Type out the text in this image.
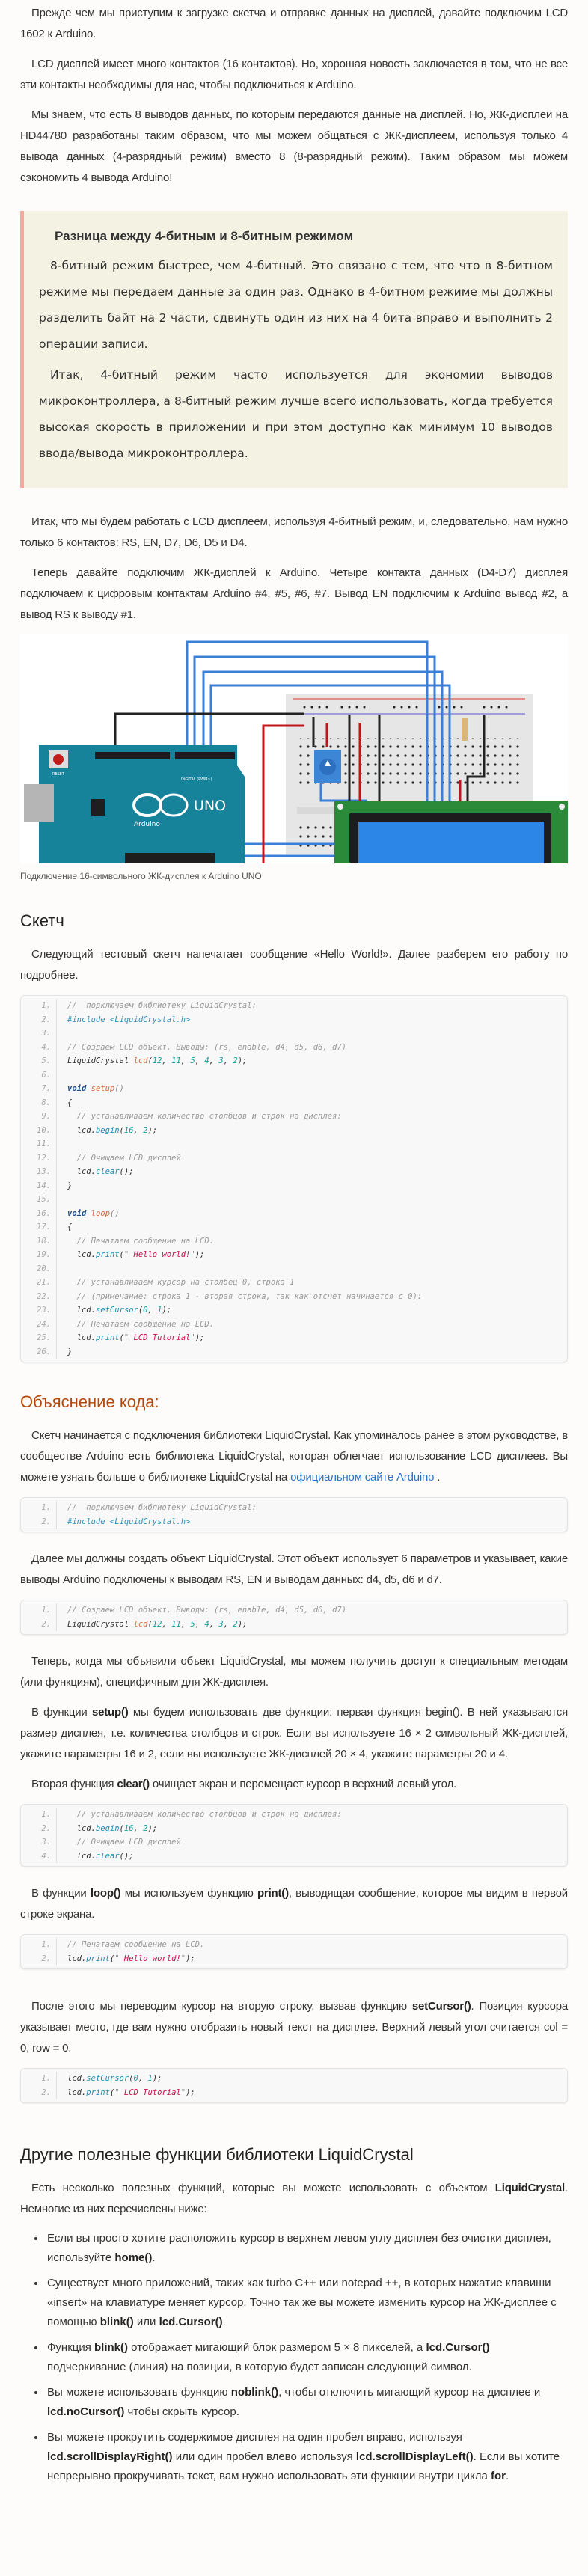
Прежде чем мы приступим к загрузке скетча и отправке данных на дисплей, давайте подключим LCD 1602 к Arduino.

LCD дисплей имеет много контактов (16 контактов). Но, хорошая новость заключается в том, что не все эти контакты необходимы для нас, чтобы подключиться к Arduino.

Мы знаем, что есть 8 выводов данных, по которым передаются данные на дисплей. Но, ЖК-дисплеи на HD44780 разработаны таким образом, что мы можем общаться с ЖК-дисплеем, используя только 4 вывода данных (4-разрядный режим) вместо 8 (8-разрядный режим). Таким образом мы можем сэкономить 4 вывода Arduino!

Разница между 4-битным и 8-битным режимом

8-битный режим быстрее, чем 4-битный. Это связано с тем, что что в 8-битном режиме мы передаем данные за один раз. Однако в 4-битном режиме мы должны разделить байт на 2 части, сдвинуть один из них на 4 бита вправо и выполнить 2 операции записи.

Итак, 4-битный режим часто используется для экономии выводов микроконтроллера, а 8-битный режим лучше всего использовать, когда требуется высокая скорость в приложении и при этом доступно как минимум 10 выводов ввода/вывода микроконтроллера.

Итак, что мы будем работать с LCD дисплеем, используя 4-битный режим, и, следовательно, нам нужно только 6 контактов: RS, EN, D7, D6, D5 и D4.

Теперь давайте подключим ЖК-дисплей к Arduino. Четыре контакта данных (D4-D7) дисплея подключаем к цифровым контактам Arduino #4, #5, #6, #7. Вывод EN подключим к Arduino вывод #2, а вывод RS к выводу #1.

RESET
DIGITAL (PWM~)
UNO
Arduino

Подключение 16-символьного ЖК-дисплея к Arduino UNO

Скетч

Следующий тестовый скетч напечатает сообщение «Hello World!». Далее разберем его работу по подробнее.

1.	//  подключаем библиотеку LiquidCrystal:
2.	#include <LiquidCrystal.h>
3.
4.	// Создаем LCD объект. Выводы: (rs, enable, d4, d5, d6, d7)
5.	LiquidCrystal lcd(12, 11, 5, 4, 3, 2);
6.
7.	void setup()
8.	{
9.	// устанавливаем количество столбцов и строк на дисплея:
10.	lcd.begin(16, 2);
11.
12.	// Очищаем LCD дисплей
13.	lcd.clear();
14.	}
15.
16.	void loop()
17.	{
18.	// Печатаем сообщение на LCD.
19.	lcd.print(" Hello world!");
20.
21.	// устанавливаем курсор на столбец 0, строка 1
22.	// (примечание: строка 1 - вторая строка, так как отсчет начинается с 0):
23.	lcd.setCursor(0, 1);
24.	// Печатаем сообщение на LCD.
25.	lcd.print(" LCD Tutorial");
26.	}
Объяснение кода:

Скетч начинается с подключения библиотеки LiquidCrystal. Как упоминалось ранее в этом руководстве, в сообществе Arduino есть библиотека LiquidCrystal, которая облегчает использование LCD дисплеев. Вы можете узнать больше о библиотеке LiquidCrystal на официальном сайте Arduino .

1.	//  подключаем библиотеку LiquidCrystal:
2.	#include <LiquidCrystal.h>

Далее мы должны создать объект LiquidCrystal. Этот объект использует 6 параметров и указывает, какие выводы Arduino подключены к выводам RS, EN и выводам данных: d4, d5, d6 и d7.

1.	// Создаем LCD объект. Выводы: (rs, enable, d4, d5, d6, d7)
2.	LiquidCrystal lcd(12, 11, 5, 4, 3, 2);

Теперь, когда мы объявили объект LiquidCrystal, мы можем получить доступ к специальным методам (или функциям), специфичным для ЖК-дисплея.

В функции setup() мы будем использовать две функции: первая функция begin(). В ней указываются размер дисплея, т.е. количества столбцов и строк. Если вы используете 16 × 2 символьный ЖК-дисплей, укажите параметры 16 и 2, если вы используете ЖК-дисплей 20 × 4, укажите параметры 20 и 4.

Вторая функция clear() очищает экран и перемещает курсор в верхний левый угол.

1.	// устанавливаем количество столбцов и строк на дисплея:
2.	lcd.begin(16, 2);
3.	// Очищаем LCD дисплей
4.	lcd.clear();

В функции loop() мы используем функцию print(), выводящая сообщение, которое мы видим в первой строке экрана.

1.	// Печатаем сообщение на LCD.
2.	lcd.print(" Hello world!");

После этого мы переводим курсор на вторую строку, вызвав функцию setCursor(). Позиция курсора указывает место, где вам нужно отобразить новый текст на дисплее. Верхний левый угол считается col = 0, row = 0.

1.	lcd.setCursor(0, 1);
2.	lcd.print(" LCD Tutorial");
Другие полезные функции библиотеки LiquidCrystal

Есть несколько полезных функций, которые вы можете использовать с объектом LiquidCrystal. Немногие из них перечислены ниже:

• Если вы просто хотите расположить курсор в верхнем левом углу дисплея без очистки дисплея, используйте home().
• Существует много приложений, таких как turbo C++ или notepad ++, в которых нажатие клавиши «insert» на клавиатуре меняет курсор. Точно так же вы можете изменить курсор на ЖК-дисплее с помощью blink() или lcd.Cursor().
• Функция blink() отображает мигающий блок размером 5 × 8 пикселей, а lcd.Cursor() подчеркивание (линия) на позиции, в которую будет записан следующий символ.
• Вы можете использовать функцию noblink(), чтобы отключить мигающий курсор на дисплее и lcd.noCursor() чтобы скрыть курсор.
• Вы можете прокрутить содержимое дисплея на один пробел вправо, используя lcd.scrollDisplayRight() или один пробел влево используя lcd.scrollDisplayLeft(). Если вы хотите непрерывно прокручивать текст, вам нужно использовать эти функции внутри цикла for.
